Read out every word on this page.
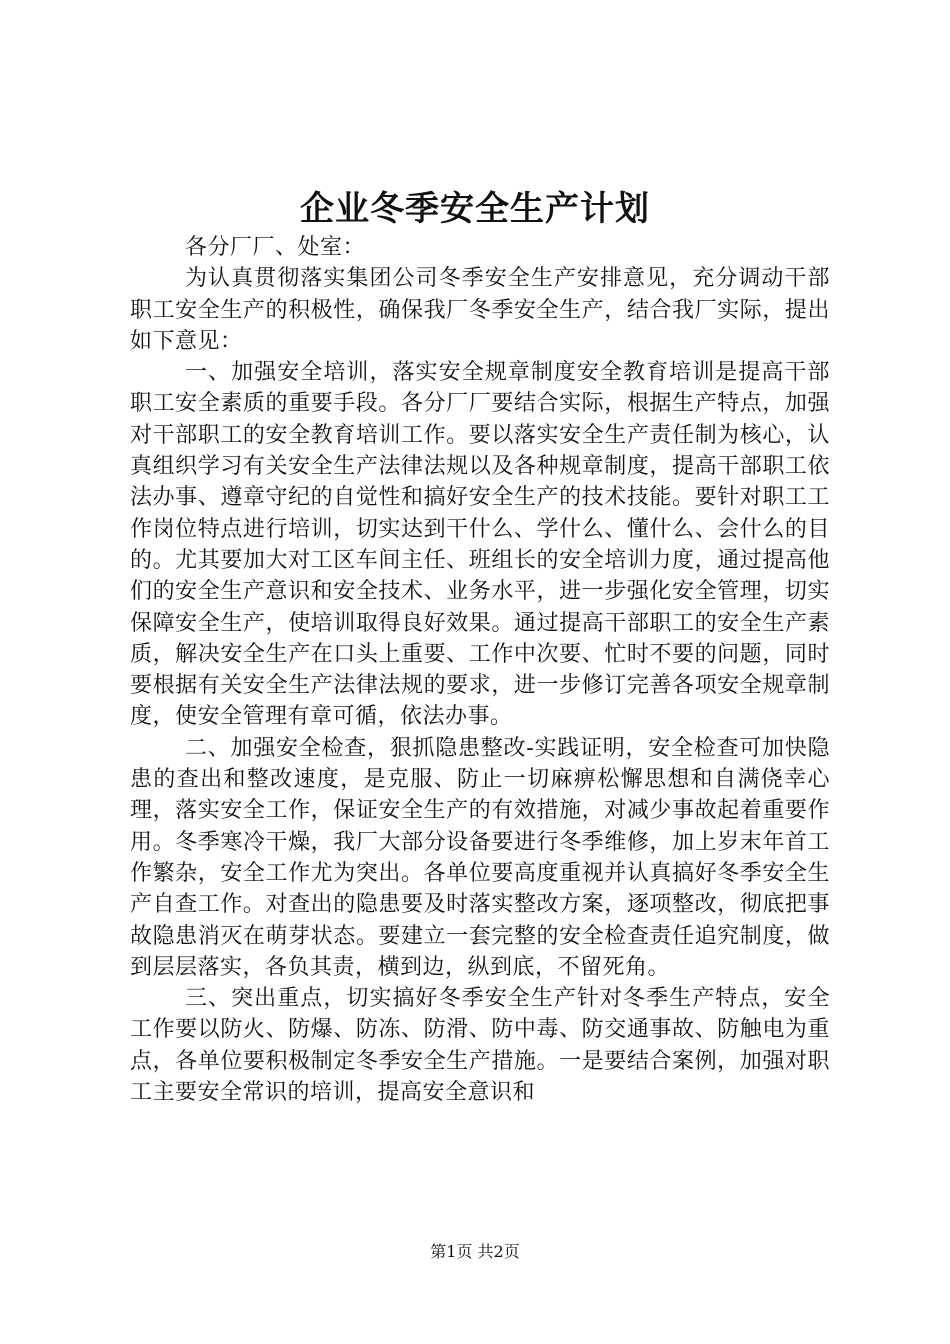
企业冬季安全生产计划

各分厂厂、处室：

为认真贯彻落实集团公司冬季安全生产安排意见，充分调动干部职工安全生产的积极性，确保我厂冬季安全生产，结合我厂实际，提出如下意见：

一、加强安全培训，落实安全规章制度安全教育培训是提高干部职工安全素质的重要手段。各分厂厂要结合实际，根据生产特点，加强对干部职工的安全教育培训工作。要以落实安全生产责任制为核心，认真组织学习有关安全生产法律法规以及各种规章制度，提高干部职工依法办事、遵章守纪的自觉性和搞好安全生产的技术技能。要针对职工工作岗位特点进行培训，切实达到干什么、学什么、懂什么、会什么的目的。尤其要加大对工区车间主任、班组长的安全培训力度，通过提高他们的安全生产意识和安全技术、业务水平，进一步强化安全管理，切实保障安全生产，使培训取得良好效果。通过提高干部职工的安全生产素质，解决安全生产在口头上重要、工作中次要、忙时不要的问题，同时要根据有关安全生产法律法规的要求，进一步修订完善各项安全规章制度，使安全管理有章可循，依法办事。

二、加强安全检查，狠抓隐患整改-实践证明，安全检查可加快隐患的查出和整改速度，是克服、防止一切麻痹松懈思想和自满侥幸心理，落实安全工作，保证安全生产的有效措施，对减少事故起着重要作用。冬季寒冷干燥，我厂大部分设备要进行冬季维修，加上岁末年首工作繁杂，安全工作尤为突出。各单位要高度重视并认真搞好冬季安全生产自查工作。对查出的隐患要及时落实整改方案，逐项整改，彻底把事故隐患消灭在萌芽状态。要建立一套完整的安全检查责任追究制度，做到层层落实，各负其责，横到边，纵到底，不留死角。

三、突出重点，切实搞好冬季安全生产针对冬季生产特点，安全工作要以防火、防爆、防冻、防滑、防中毒、防交通事故、防触电为重点，各单位要积极制定冬季安全生产措施。一是要结合案例，加强对职工主要安全常识的培训，提高安全意识和

第1页 共2页
